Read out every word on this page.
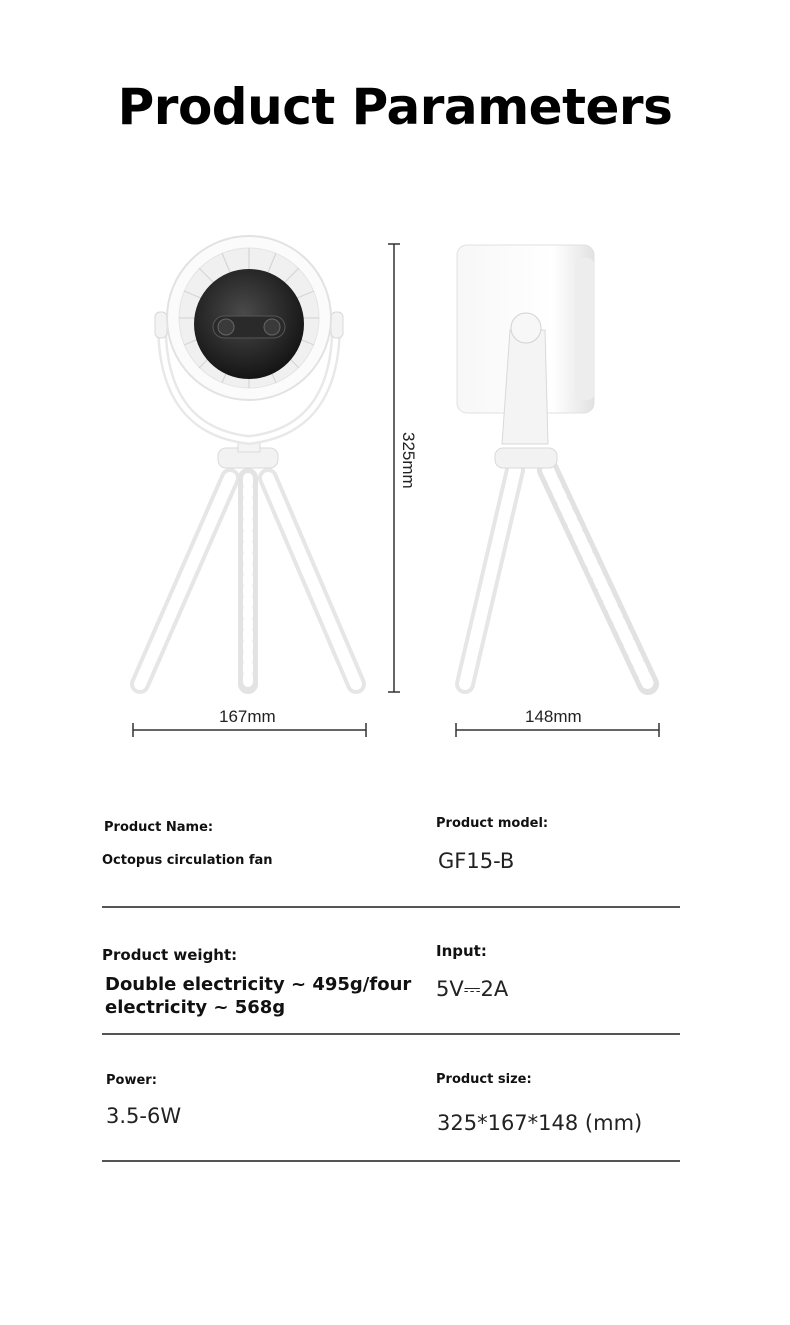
Product Parameters
325mm
167mm	148mm
Product Name:
Octopus circulation fan
Product model:
GF15-B
Product weight:
Double electricity ~ 495g/four electricity ~ 568g
Input:
5V⎓2A
Power:
3.5-6W
Product size:
325*167*148 (mm)
